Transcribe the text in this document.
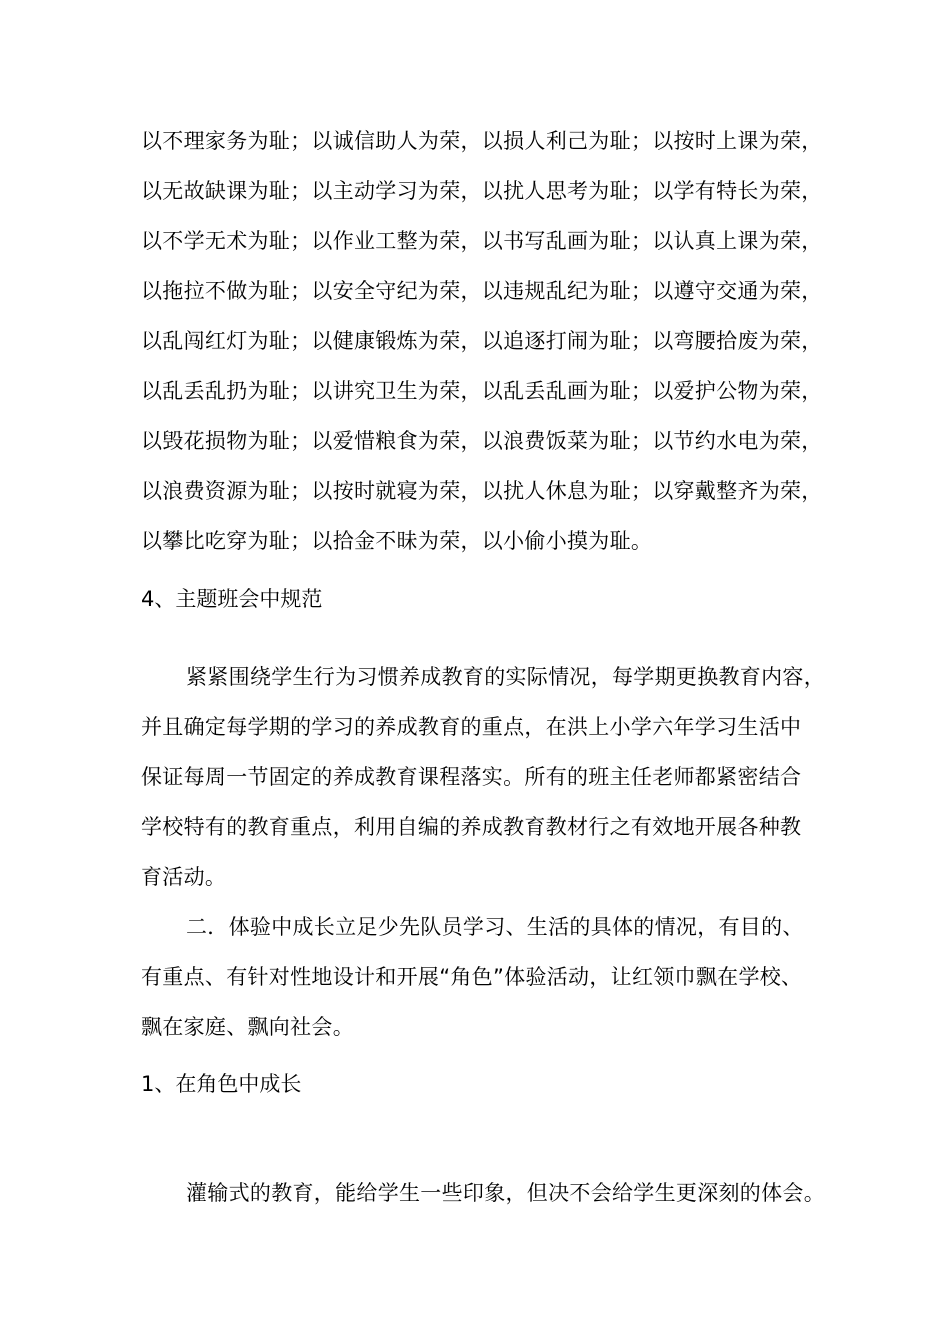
以不理家务为耻；以诚信助人为荣，以损人利己为耻；以按时上课为荣，
以无故缺课为耻；以主动学习为荣，以扰人思考为耻；以学有特长为荣，
以不学无术为耻；以作业工整为荣，以书写乱画为耻；以认真上课为荣，
以拖拉不做为耻；以安全守纪为荣，以违规乱纪为耻；以遵守交通为荣，
以乱闯红灯为耻；以健康锻炼为荣，以追逐打闹为耻；以弯腰拾废为荣，
以乱丢乱扔为耻；以讲究卫生为荣，以乱丢乱画为耻；以爱护公物为荣，
以毁花损物为耻；以爱惜粮食为荣，以浪费饭菜为耻；以节约水电为荣，
以浪费资源为耻；以按时就寝为荣，以扰人休息为耻；以穿戴整齐为荣，
以攀比吃穿为耻；以拾金不昧为荣，以小偷小摸为耻。
4、主题班会中规范
紧紧围绕学生行为习惯养成教育的实际情况，每学期更换教育内容，
并且确定每学期的学习的养成教育的重点，在洪上小学六年学习生活中
保证每周一节固定的养成教育课程落实。所有的班主任老师都紧密结合
学校特有的教育重点，利用自编的养成教育教材行之有效地开展各种教
育活动。
二．体验中成长立足少先队员学习、生活的具体的情况，有目的、
有重点、有针对性地设计和开展“角色”体验活动，让红领巾飘在学校、
飘在家庭、飘向社会。
1、在角色中成长
灌输式的教育，能给学生一些印象，但决不会给学生更深刻的体会。
